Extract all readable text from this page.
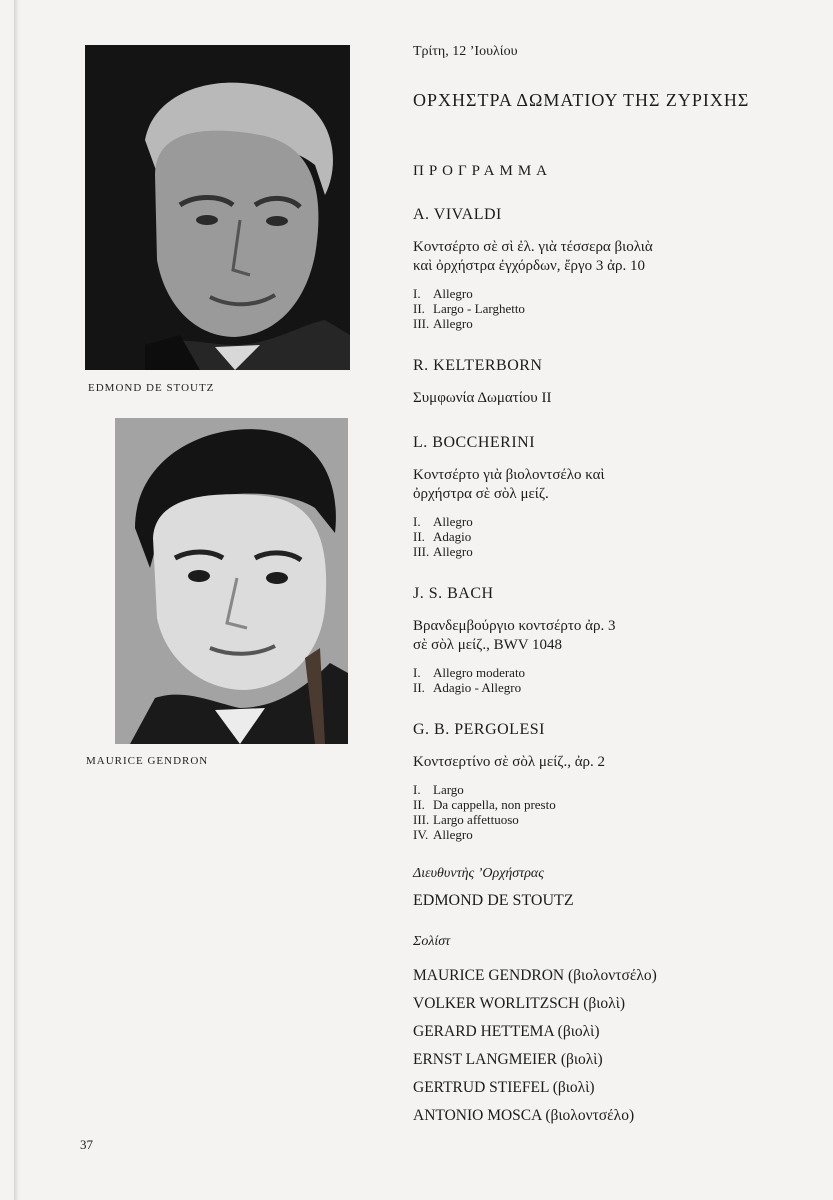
EDMOND DE STOUTZ
MAURICE GENDRON
37
Τρίτη, 12 ’Ιουλίου
ΟΡΧΗΣΤΡΑ ΔΩΜΑΤΙΟΥ ΤΗΣ ΖΥΡΙΧΗΣ
ΠΡΟΓΡΑΜΜΑ
A. VIVALDI
Κοντσέρτο σὲ σὶ ἐλ. γιὰ τέσσερα βιολιὰ
καὶ ὀρχήστρα ἐγχόρδων, ἔργο 3 ἀρ. 10
I. Allegro
II. Largo - Larghetto
III. Allegro
R. KELTERBORN
Συμφωνία Δωματίου ΙΙ
L. BOCCHERINI
Κοντσέρτο γιὰ βιολοντσέλο καὶ
ὀρχήστρα σὲ σὸλ μείζ.
I. Allegro
II. Adagio
III. Allegro
J. S. BACH
Βρανδεμβούργιο κοντσέρτο ἀρ. 3
σὲ σὸλ μείζ., BWV 1048
I. Allegro moderato
II. Adagio - Allegro
G. B. PERGOLESI
Κοντσερτίνο σὲ σὸλ μείζ., ἀρ. 2
I. Largo
II. Da cappella, non presto
III. Largo affettuoso
IV. Allegro
Διευθυντὴς ’Ορχήστρας
EDMOND DE STOUTZ
Σολίστ
MAURICE GENDRON (βιολοντσέλο)
VOLKER WORLITZSCH (βιολὶ)
GERARD HETTEMA (βιολὶ)
ERNST LANGMEIER (βιολὶ)
GERTRUD STIEFEL (βιολὶ)
ANTONIO MOSCA (βιολοντσέλο)
